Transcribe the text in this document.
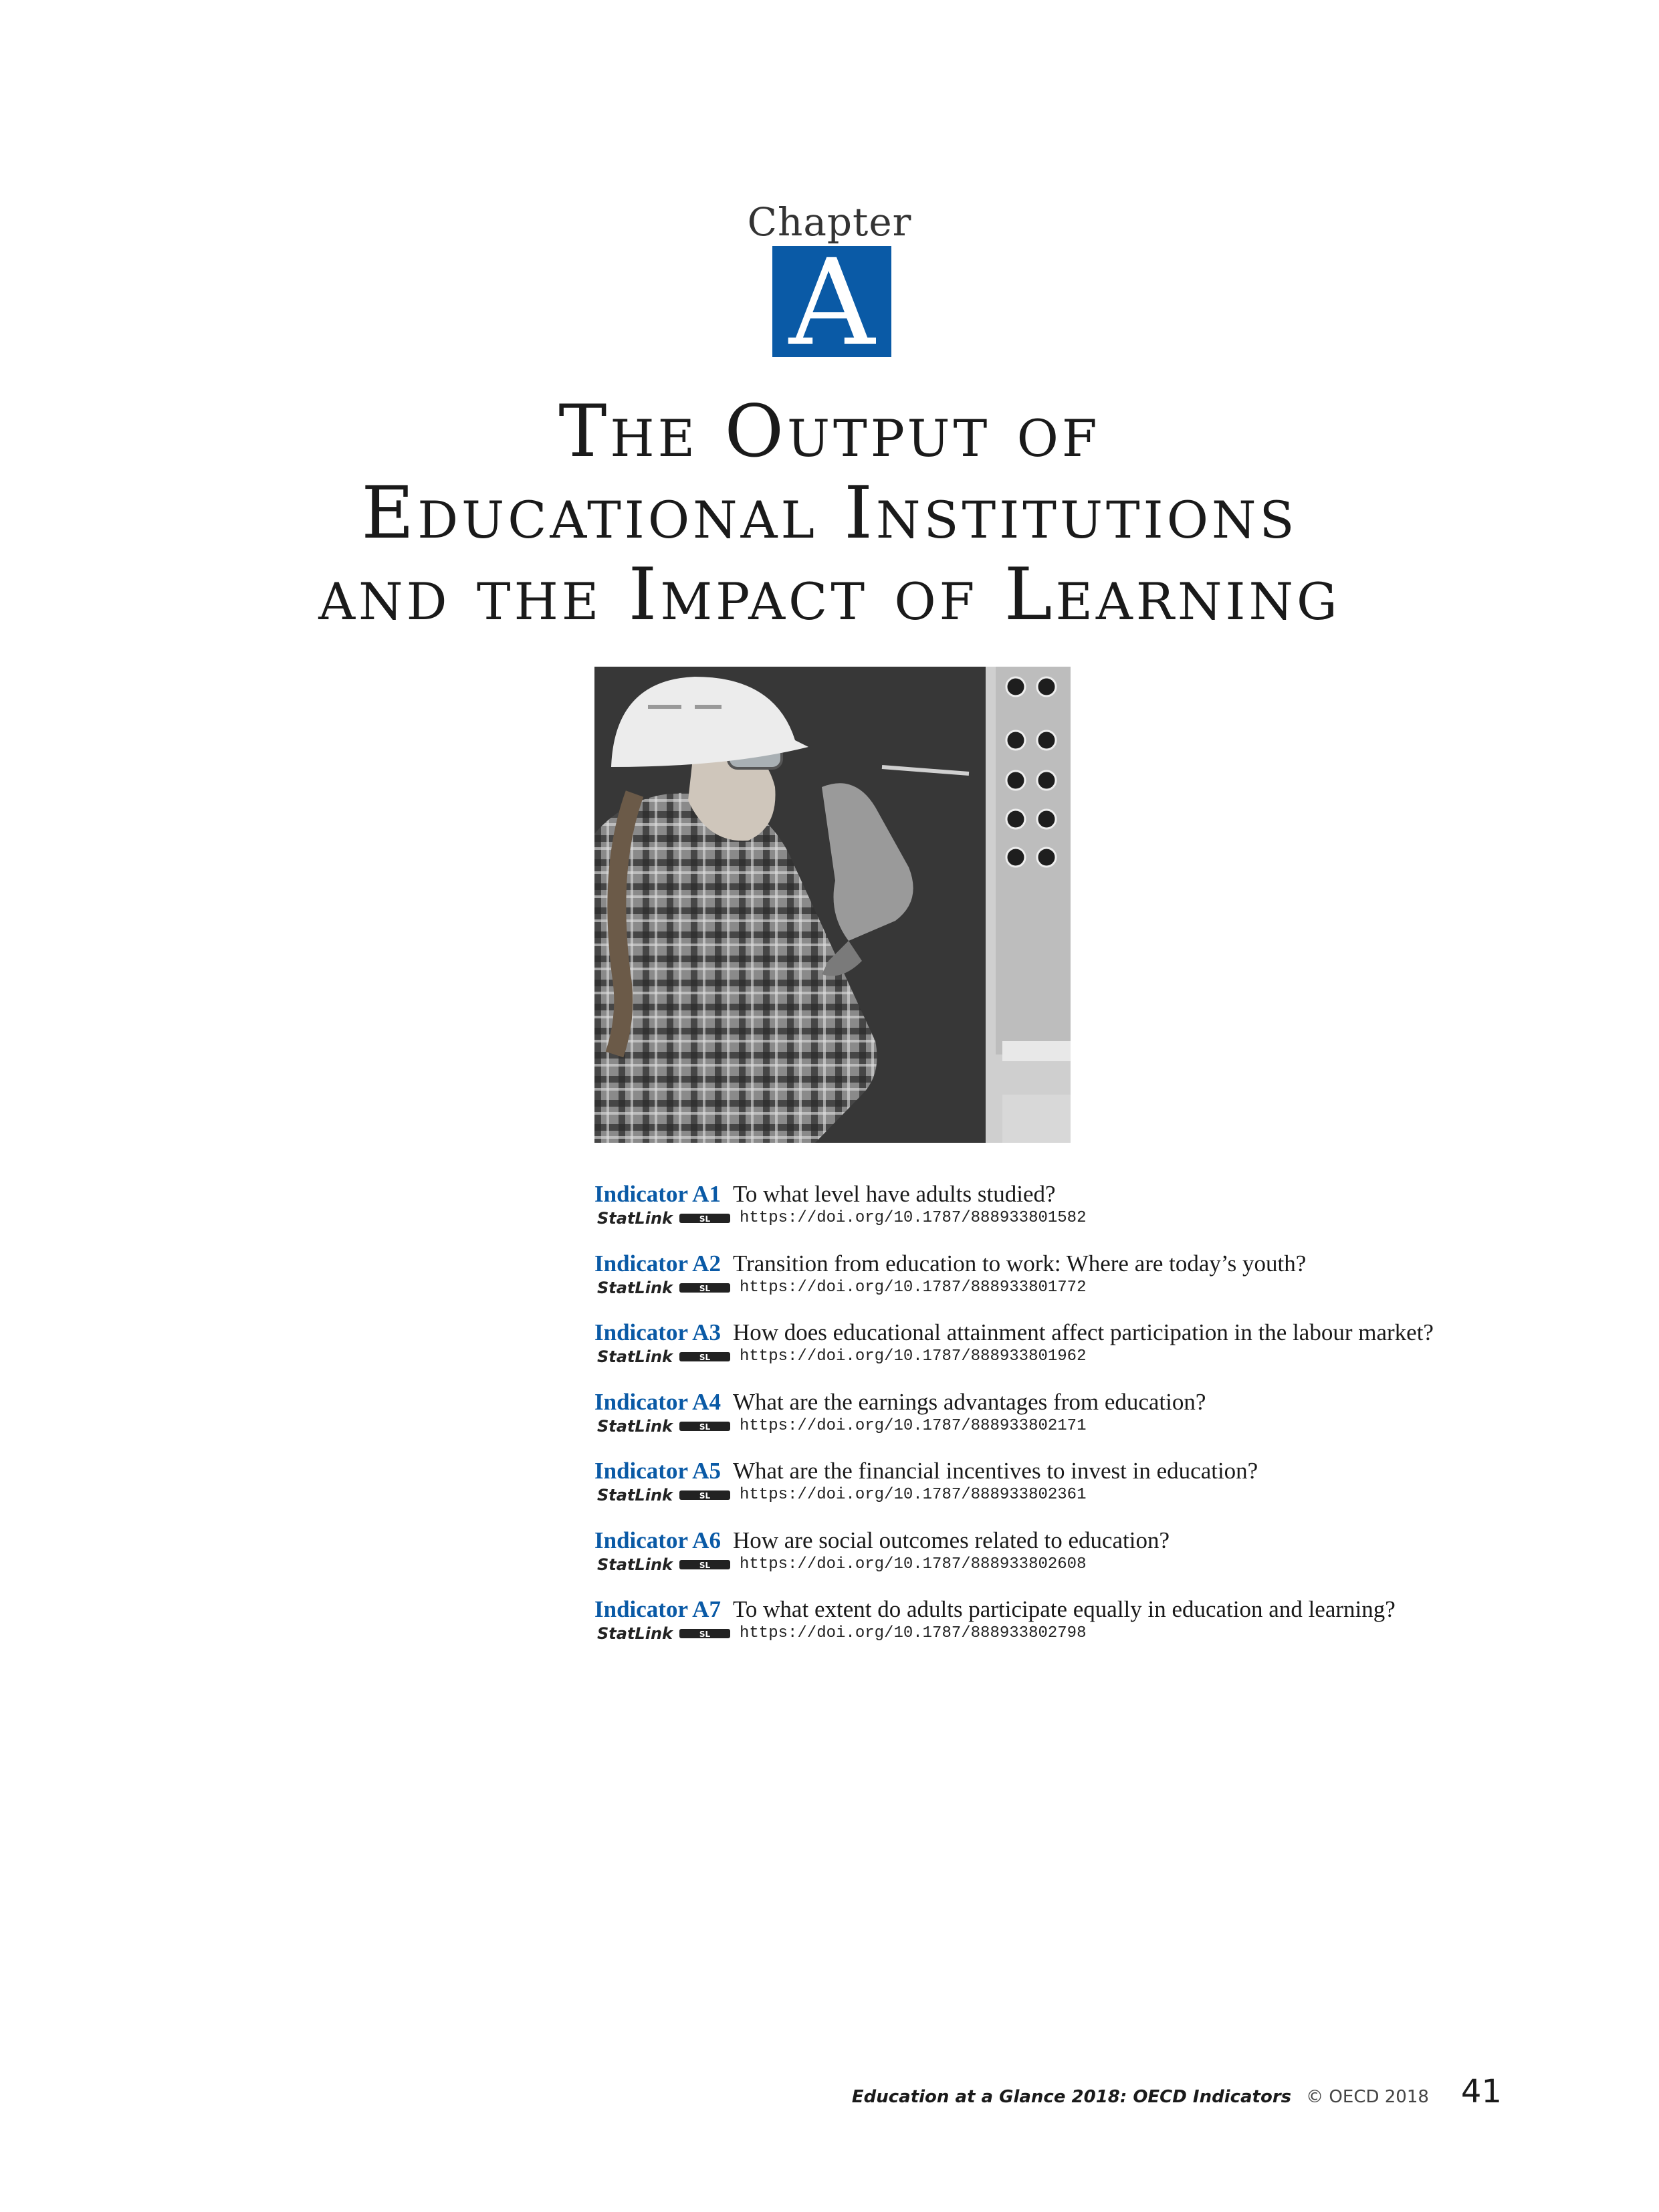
Chapter
A
The Output of
Educational Institutions
and the Impact of Learning
Indicator A1 To what level have adults studied?
StatLink	SL https://doi.org/10.1787/888933801582
Indicator A2 Transition from education to work: Where are today’s youth?
StatLink	SL https://doi.org/10.1787/888933801772
Indicator A3 How does educational attainment affect participation in the labour market?
StatLink	SL https://doi.org/10.1787/888933801962
Indicator A4 What are the earnings advantages from education?
StatLink	SL https://doi.org/10.1787/888933802171
Indicator A5 What are the financial incentives to invest in education?
StatLink	SL https://doi.org/10.1787/888933802361
Indicator A6 How are social outcomes related to education?
StatLink	SL https://doi.org/10.1787/888933802608
Indicator A7 To what extent do adults participate equally in education and learning?
StatLink	SL https://doi.org/10.1787/888933802798
Education at a Glance 2018: OECD Indicators © OECD 2018 41
